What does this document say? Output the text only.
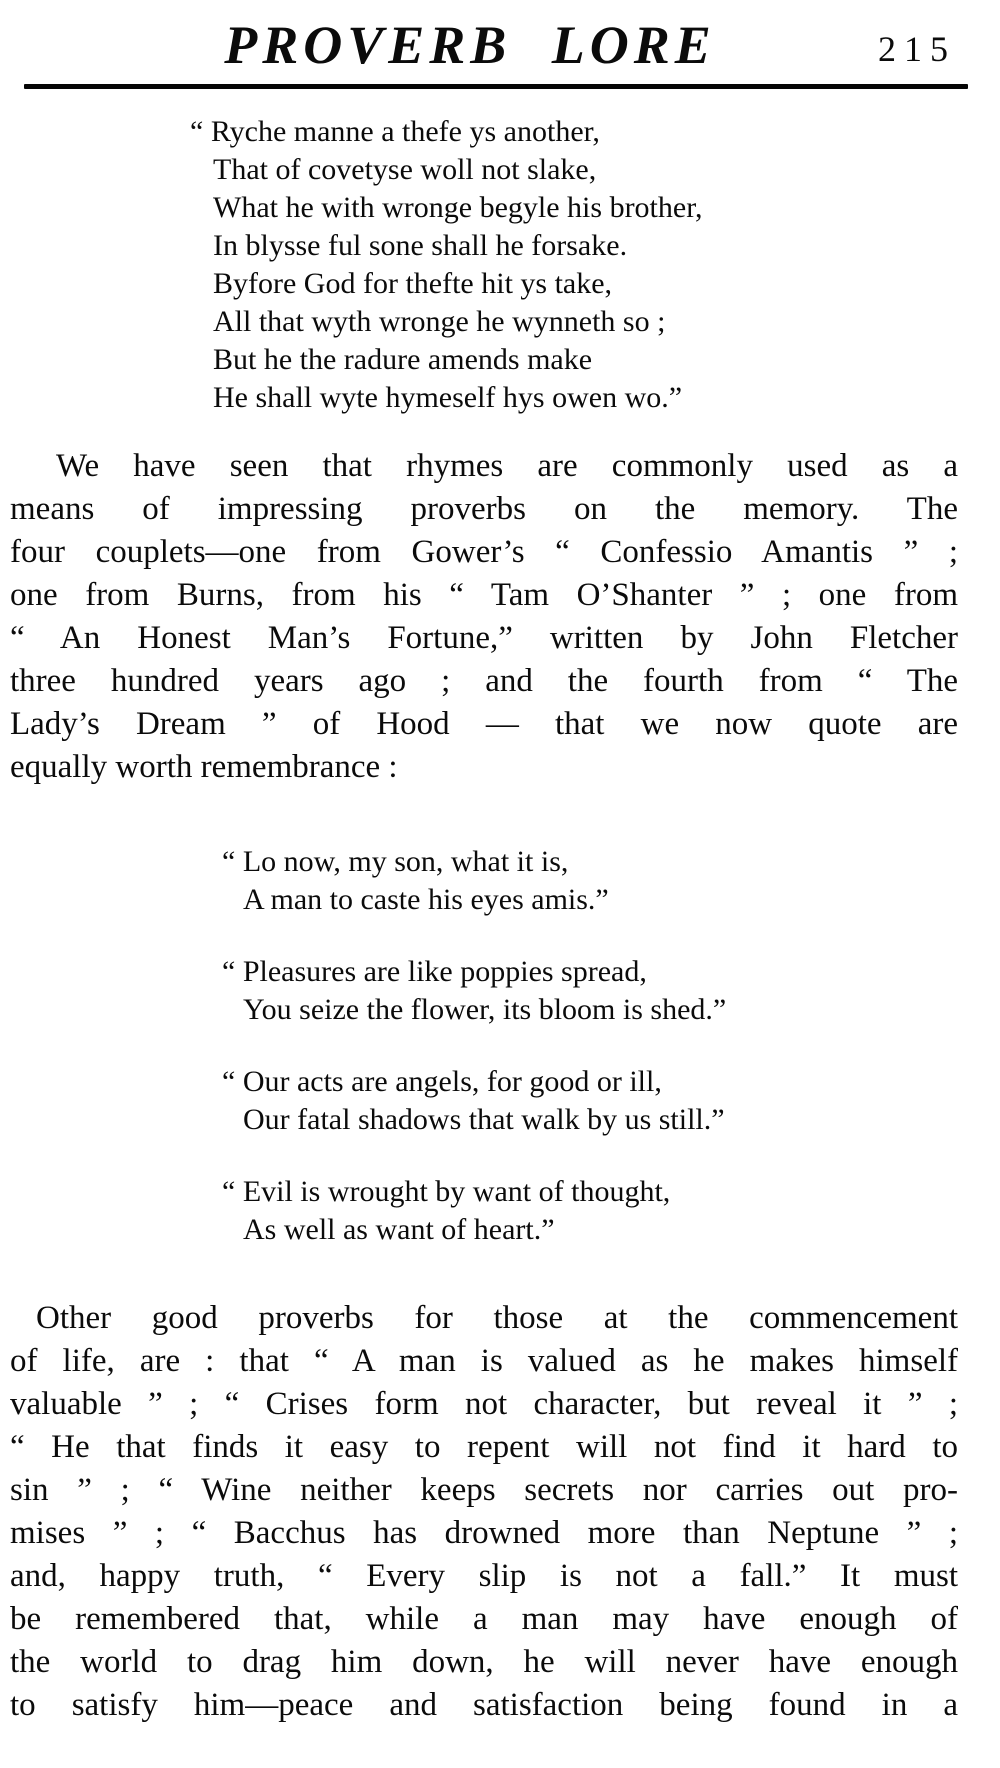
PROVERB LORE	215
“ Ryche manne a thefe ys another,
That of covetyse woll not slake,
What he with wronge begyle his brother,
In blysse ful sone shall he forsake.
Byfore God for thefte hit ys take,
All that wyth wronge he wynneth so ;
But he the radure amends make
He shall wyte hymeself hys owen wo.”
We have seen that rhymes are commonly used as a
means of impressing proverbs on the memory. The
four couplets—one from Gower’s “ Confessio Amantis ” ;
one from Burns, from his “ Tam O’Shanter ” ; one from
“ An Honest Man’s Fortune,” written by John Fletcher
three hundred years ago ; and the fourth from “ The
Lady’s Dream ” of Hood — that we now quote are
equally worth remembrance :
“ Lo now, my son, what it is,
A man to caste his eyes amis.”
“ Pleasures are like poppies spread,
You seize the flower, its bloom is shed.”
“ Our acts are angels, for good or ill,
Our fatal shadows that walk by us still.”
“ Evil is wrought by want of thought,
As well as want of heart.”
Other good proverbs for those at the commencement
of life, are : that “ A man is valued as he makes himself
valuable ” ; “ Crises form not character, but reveal it ” ;
“ He that finds it easy to repent will not find it hard to
sin ” ; “ Wine neither keeps secrets nor carries out pro-
mises ” ; “ Bacchus has drowned more than Neptune ” ;
and, happy truth, “ Every slip is not a fall.” It must
be remembered that, while a man may have enough of
the world to drag him down, he will never have enough
to satisfy him—peace and satisfaction being found in a
